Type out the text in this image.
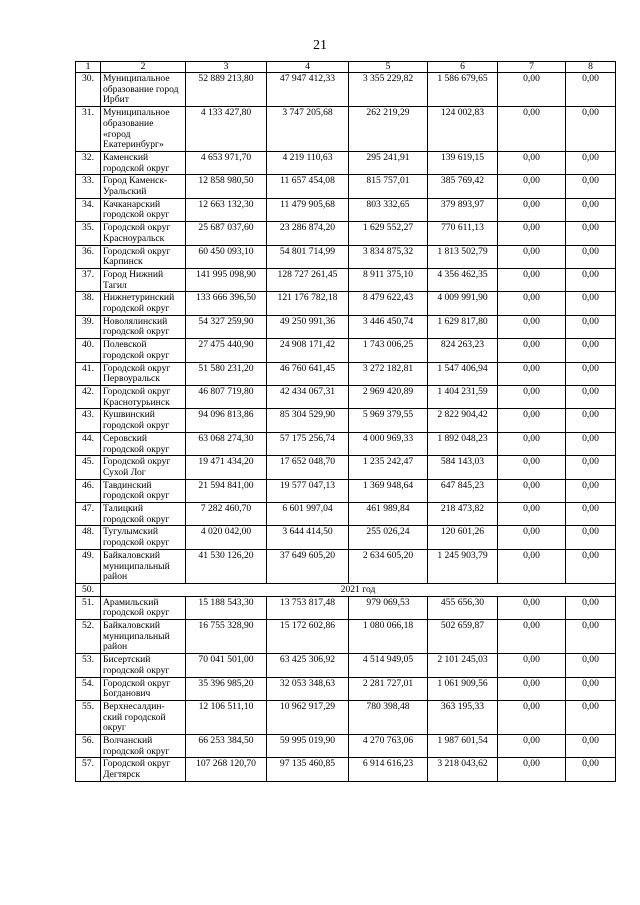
21
1	2	3	4	5	6	7	8
30.	Муниципальное образование город Ирбит	52 889 213,80	47 947 412,33	3 355 229,82	1 586 679,65	0,00	0,00
31.	Муниципальное образование «город Екатеринбург»	4 133 427,80	3 747 205,68	262 219,29	124 002,83	0,00	0,00
32.	Каменский городской округ	4 653 971,70	4 219 110,63	295 241,91	139 619,15	0,00	0,00
33.	Город Каменск-Уральский	12 858 980,50	11 657 454,08	815 757,01	385 769,42	0,00	0,00
34.	Качканарский городской округ	12 663 132,30	11 479 905,68	803 332,65	379 893,97	0,00	0,00
35.	Городской округ Красноуральск	25 687 037,60	23 286 874,20	1 629 552,27	770 611,13	0,00	0,00
36.	Городской округ Карпинск	60 450 093,10	54 801 714,99	3 834 875,32	1 813 502,79	0,00	0,00
37.	Город Нижний Тагил	141 995 098,90	128 727 261,45	8 911 375,10	4 356 462,35	0,00	0,00
38.	Нижнетуринский городской округ	133 666 396,50	121 176 782,18	8 479 622,43	4 009 991,90	0,00	0,00
39.	Новолялинский городской округ	54 327 259,90	49 250 991,36	3 446 450,74	1 629 817,80	0,00	0,00
40.	Полевской городской округ	27 475 440,90	24 908 171,42	1 743 006,25	824 263,23	0,00	0,00
41.	Городской округ Первоуральск	51 580 231,20	46 760 641,45	3 272 182,81	1 547 406,94	0,00	0,00
42.	Городской округ Краснотурьинск	46 807 719,80	42 434 067,31	2 969 420,89	1 404 231,59	0,00	0,00
43.	Кушвинский городской округ	94 096 813,86	85 304 529,90	5 969 379,55	2 822 904,42	0,00	0,00
44.	Серовский городской округ	63 068 274,30	57 175 256,74	4 000 969,33	1 892 048,23	0,00	0,00
45.	Городской округ Сухой Лог	19 471 434,20	17 652 048,70	1 235 242,47	584 143,03	0,00	0,00
46.	Тавдинский городской округ	21 594 841,00	19 577 047,13	1 369 948,64	647 845,23	0,00	0,00
47.	Талицкий городской округ	7 282 460,70	6 601 997,04	461 989,84	218 473,82	0,00	0,00
48.	Тугулымский городской округ	4 020 042,00	3 644 414,50	255 026,24	120 601,26	0,00	0,00
49.	Байкаловский муниципальный район	41 530 126,20	37 649 605,20	2 634 605,20	1 245 903,79	0,00	0,00
50.	2021 год						
51.	Арамильский городской округ	15 188 543,30	13 753 817,48	979 069,53	455 656,30	0,00	0,00
52.	Байкаловский муниципальный район	16 755 328,90	15 172 602,86	1 080 066,18	502 659,87	0,00	0,00
53.	Бисертский городской округ	70 041 501,00	63 425 306,92	4 514 949,05	2 101 245,03	0,00	0,00
54.	Городской округ Богданович	35 396 985,20	32 053 348,63	2 281 727,01	1 061 909,56	0,00	0,00
55.	Верхнесалдин-ский городской округ	12 106 511,10	10 962 917,29	780 398,48	363 195,33	0,00	0,00
56.	Волчанский городской округ	66 253 384,50	59 995 019,90	4 270 763,06	1 987 601,54	0,00	0,00
57.	Городской округ Дегтярск	107 268 120,70	97 135 460,85	6 914 616,23	3 218 043,62	0,00	0,00
